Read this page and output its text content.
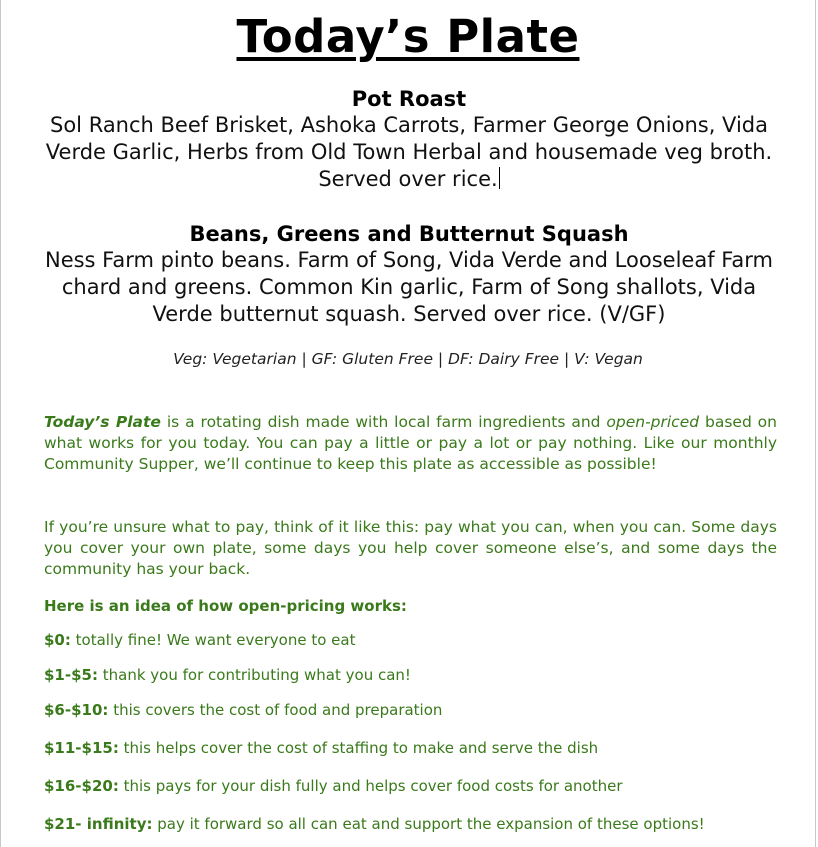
Today’s Plate
Pot Roast
Sol Ranch Beef Brisket, Ashoka Carrots, Farmer George Onions, Vida Verde Garlic, Herbs from Old Town Herbal and housemade veg broth. Served over rice.
Beans, Greens and Butternut Squash
Ness Farm pinto beans. Farm of Song, Vida Verde and Looseleaf Farm chard and greens. Common Kin garlic, Farm of Song shallots, Vida Verde butternut squash. Served over rice. (V/GF)
Veg: Vegetarian | GF: Gluten Free | DF: Dairy Free | V: Vegan
Today’s Plate is a rotating dish made with local farm ingredients and open-priced based on what works for you today. You can pay a little or pay a lot or pay nothing. Like our monthly Community Supper, we’ll continue to keep this plate as accessible as possible!
If you’re unsure what to pay, think of it like this: pay what you can, when you can. Some days you cover your own plate, some days you help cover someone else’s, and some days the community has your back.
Here is an idea of how open-pricing works:
$0: totally fine! We want everyone to eat
$1-$5: thank you for contributing what you can!
$6-$10: this covers the cost of food and preparation
$11-$15: this helps cover the cost of staffing to make and serve the dish
$16-$20: this pays for your dish fully and helps cover food costs for another
$21- infinity: pay it forward so all can eat and support the expansion of these options!
